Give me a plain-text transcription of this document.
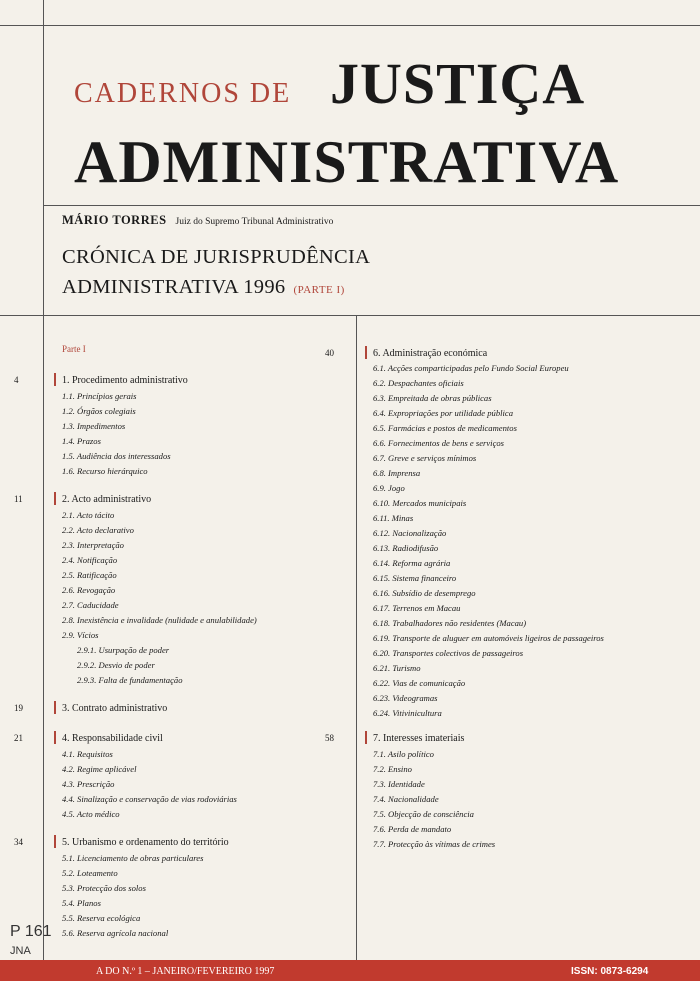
CADERNOS DE JUSTIÇA
ADMINISTRATIVA
MÁRIO TORRES Juiz do Supremo Tribunal Administrativo
CRÓNICA DE JURISPRUDÊNCIA
ADMINISTRATIVA 1996 (PARTE I)
Parte I
4	1. Procedimento administrativo
1.1. Princípios gerais
1.2. Órgãos colegiais
1.3. Impedimentos
1.4. Prazos
1.5. Audiência dos interessados
1.6. Recurso hierárquico
11	2. Acto administrativo
2.1. Acto tácito
2.2. Acto declarativo
2.3. Interpretação
2.4. Notificação
2.5. Ratificação
2.6. Revogação
2.7. Caducidade
2.8. Inexistência e invalidade (nulidade e anulabilidade)
2.9. Vícios
2.9.1. Usurpação de poder
2.9.2. Desvio de poder
2.9.3. Falta de fundamentação
19	3. Contrato administrativo
21	4. Responsabilidade civil
4.1. Requisitos
4.2. Regime aplicável
4.3. Prescrição
4.4. Sinalização e conservação de vias rodoviárias
4.5. Acto médico
34	5. Urbanismo e ordenamento do território
5.1. Licenciamento de obras particulares
5.2. Loteamento
5.3. Protecção dos solos
5.4. Planos
5.5. Reserva ecológica
5.6. Reserva agrícola nacional
40	6. Administração económica
6.1. Acções comparticipadas pelo Fundo Social Europeu
6.2. Despachantes oficiais
6.3. Empreitada de obras públicas
6.4. Expropriações por utilidade pública
6.5. Farmácias e postos de medicamentos
6.6. Fornecimentos de bens e serviços
6.7. Greve e serviços mínimos
6.8. Imprensa
6.9. Jogo
6.10. Mercados municipais
6.11. Minas
6.12. Nacionalização
6.13. Radiodifusão
6.14. Reforma agrária
6.15. Sistema financeiro
6.16. Subsídio de desemprego
6.17. Terrenos em Macau
6.18. Trabalhadores não residentes (Macau)
6.19. Transporte de aluguer em automóveis ligeiros de passageiros
6.20. Transportes colectivos de passageiros
6.21. Turismo
6.22. Vias de comunicação
6.23. Videogramas
6.24. Vitivinicultura
58	7. Interesses imateriais
7.1. Asilo político
7.2. Ensino
7.3. Identidade
7.4. Nacionalidade
7.5. Objecção de consciência
7.6. Perda de mandato
7.7. Protecção às vítimas de crimes
P 161
JNA
A DO N.º 1 – JANEIRO/FEVEREIRO 1997	ISSN: 0873-6294
